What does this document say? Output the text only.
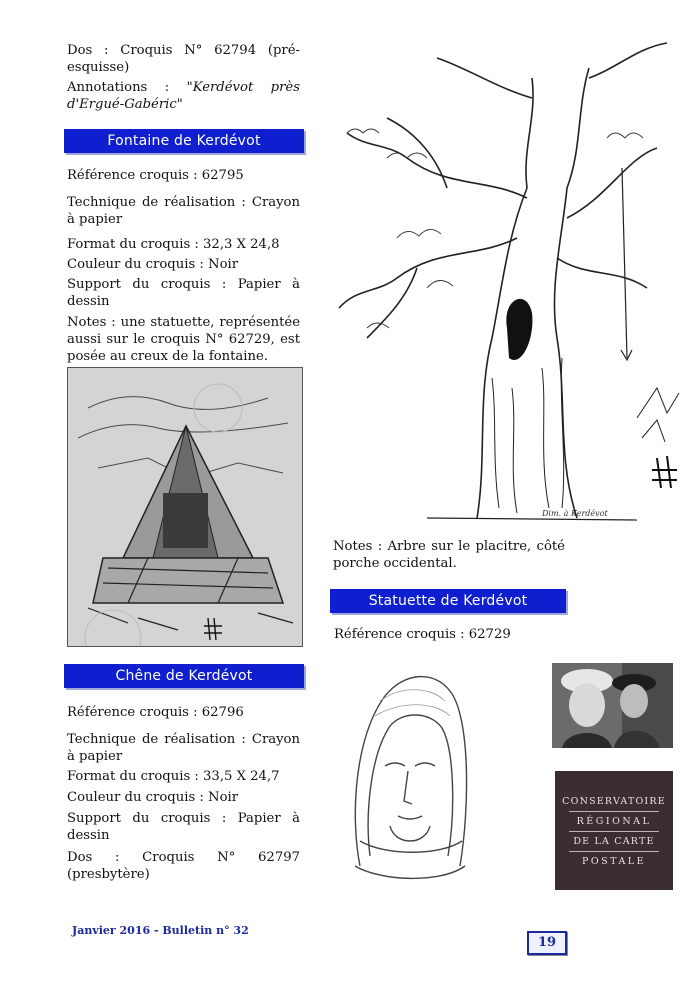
Dos : Croquis N° 62794 (pré-esquisse)
Annotations : "Kerdévot près d'Ergué-Gabéric"
Fontaine de Kerdévot
Référence croquis : 62795
Technique de réalisation : Crayon à papier
Format du croquis : 32,3 X 24,8
Couleur du croquis : Noir
Support du croquis : Papier à dessin
Notes : une statuette, représentée aussi sur le croquis N° 62729, est posée au creux de la fontaine.
Chêne de Kerdévot
Référence croquis : 62796
Technique de réalisation : Crayon à papier
Format du croquis : 33,5 X 24,7
Couleur du croquis : Noir
Support du croquis : Papier à dessin
Dos : Croquis N° 62797 (presbytère)
Dim. à Kerdévot
Notes : Arbre sur le placitre, côté porche occidental.
Statuette de Kerdévot
Référence croquis : 62729
CONSERVATOIRE
RÉGIONAL
DE LA CARTE
POSTALE
Janvier 2016 - Bulletin n° 32
19
